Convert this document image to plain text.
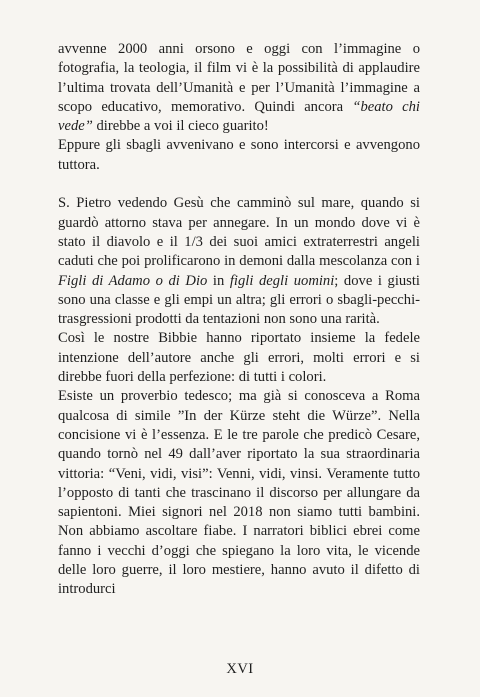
avvenne 2000 anni orsono e oggi con l’immagine o fotografia, la teologia, il film vi è la possibilità di applaudire l’ultima trovata dell’Umanità e per l’Umanità l’immagine a scopo educativo, memorativo. Quindi ancora “beato chi vede” direbbe a voi il cieco guarito!

Eppure gli sbagli avvenivano e sono intercorsi e avvengono tuttora.

S. Pietro vedendo Gesù che camminò sul mare, quando si guardò attorno stava per annegare. In un mondo dove vi è stato il diavolo e il 1/3 dei suoi amici extraterrestri angeli caduti che poi prolificarono in demoni dalla mescolanza con i Figli di Adamo o di Dio in figli degli uomini; dove i giusti sono una classe e gli empi un altra; gli errori o sbagli-pecchi-trasgressioni prodotti da tentazioni non sono una rarità.

Così le nostre Bibbie hanno riportato insieme la fedele intenzione dell’autore anche gli errori, molti errori e si direbbe fuori della perfezione: di tutti i colori.

Esiste un proverbio tedesco; ma già si conosceva a Roma qualcosa di simile ”In der Kürze steht die Würze”. Nella concisione vi è l’essenza. E le tre parole che predicò Cesare, quando tornò nel 49 dall’aver riportato la sua straordinaria vittoria: “Veni, vidi, visi”: Venni, vidi, vinsi. Veramente tutto l’opposto di tanti che trascinano il discorso per allungare da sapientoni. Miei signori nel 2018 non siamo tutti bambini. Non abbiamo ascoltare fiabe. I narratori biblici ebrei come fanno i vecchi d’oggi che spiegano la loro vita, le vicende delle loro guerre, il loro mestiere, hanno avuto il difetto di introdurci

XVI
